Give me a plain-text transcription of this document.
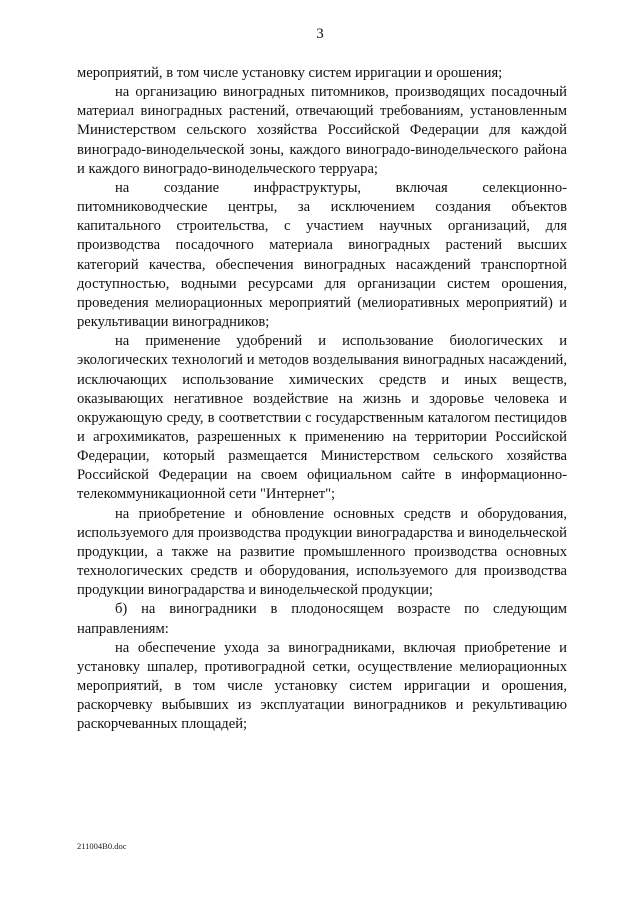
3

мероприятий, в том числе установку систем ирригации и орошения;

на организацию виноградных питомников, производящих посадочный материал виноградных растений, отвечающий требованиям, установленным Министерством сельского хозяйства Российской Федерации для каждой виноградо-винодельческой зоны, каждого виноградо-винодельческого района и каждого виноградо-винодельческого терруара;

на создание инфраструктуры, включая селекционно-питомниководческие центры, за исключением создания объектов капитального строительства, с участием научных организаций, для производства посадочного материала виноградных растений высших категорий качества, обеспечения виноградных насаждений транспортной доступностью, водными ресурсами для организации систем орошения, проведения мелиорационных мероприятий (мелиоративных мероприятий) и рекультивации виноградников;

на применение удобрений и использование биологических и экологических технологий и методов возделывания виноградных насаждений, исключающих использование химических средств и иных веществ, оказывающих негативное воздействие на жизнь и здоровье человека и окружающую среду, в соответствии с государственным каталогом пестицидов и агрохимикатов, разрешенных к применению на территории Российской Федерации, который размещается Министерством сельского хозяйства Российской Федерации на своем официальном сайте в информационно-телекоммуникационной сети "Интернет";

на приобретение и обновление основных средств и оборудования, используемого для производства продукции виноградарства и винодельческой продукции, а также на развитие промышленного производства основных технологических средств и оборудования, используемого для производства продукции виноградарства и винодельческой продукции;

б) на виноградники в плодоносящем возрасте по следующим направлениям:

на обеспечение ухода за виноградниками, включая приобретение и установку шпалер, противоградной сетки, осуществление мелиорационных мероприятий, в том числе установку систем ирригации и орошения, раскорчевку выбывших из эксплуатации виноградников и рекультивацию раскорчеванных площадей;

211004B0.doc
